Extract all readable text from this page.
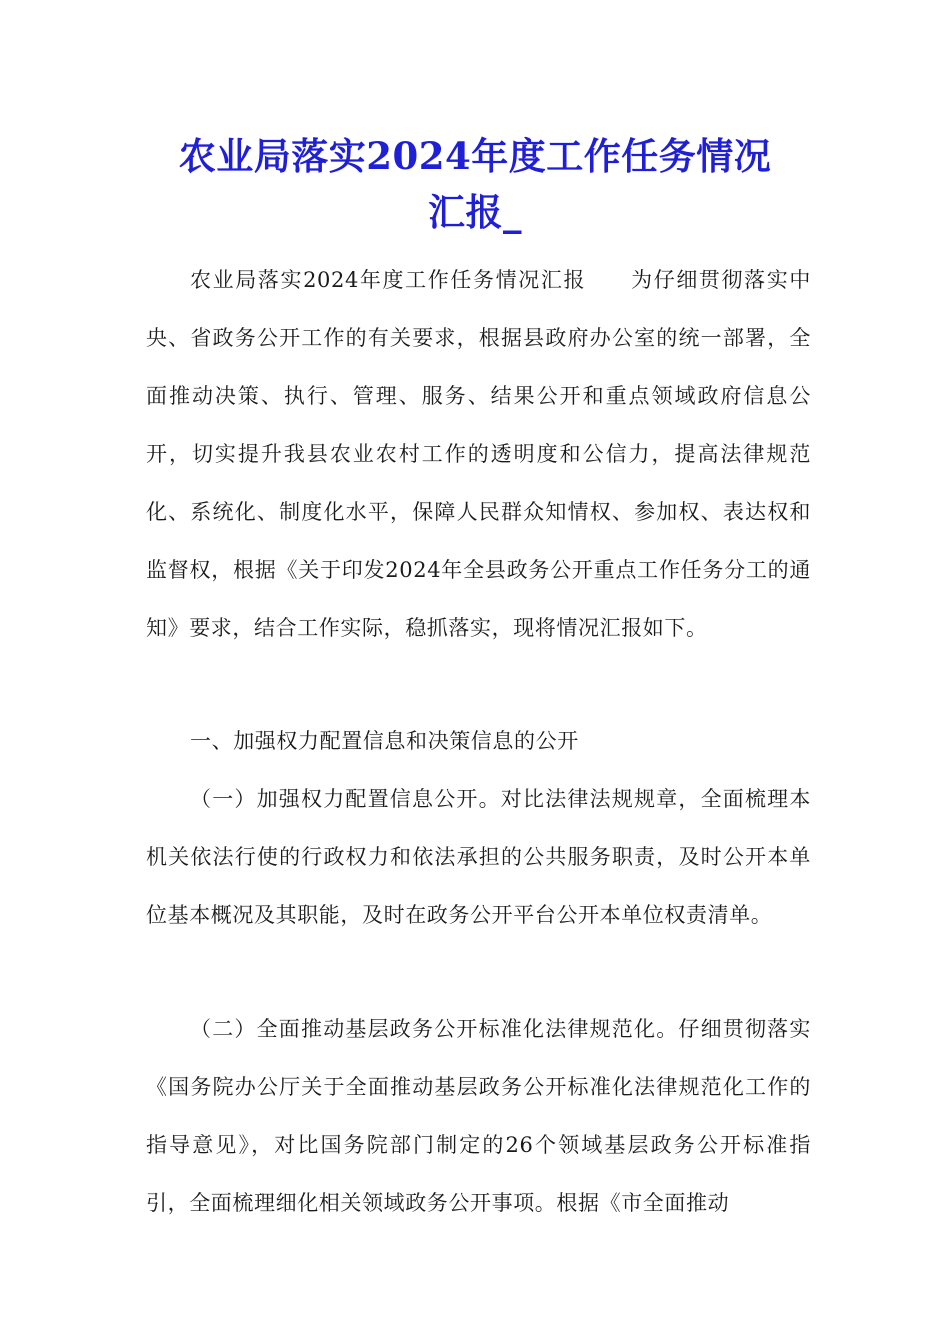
农业局落实2024年度工作任务情况
汇报_

农业局落实2024年度工作任务情况汇报 为仔细贯彻落实中央、省政务公开工作的有关要求，根据县政府办公室的统一部署，全面推动决策、执行、管理、服务、结果公开和重点领域政府信息公开，切实提升我县农业农村工作的透明度和公信力，提高法律规范化、系统化、制度化水平，保障人民群众知情权、参加权、表达权和监督权，根据《关于印发2024年全县政务公开重点工作任务分工的通知》要求，结合工作实际，稳抓落实，现将情况汇报如下。

一、加强权力配置信息和决策信息的公开

（一）加强权力配置信息公开。对比法律法规规章，全面梳理本机关依法行使的行政权力和依法承担的公共服务职责，及时公开本单位基本概况及其职能，及时在政务公开平台公开本单位权责清单。

（二）全面推动基层政务公开标准化法律规范化。仔细贯彻落实《国务院办公厅关于全面推动基层政务公开标准化法律规范化工作的指导意见》，对比国务院部门制定的26个领域基层政务公开标准指引，全面梳理细化相关领域政务公开事项。根据《市全面推动
